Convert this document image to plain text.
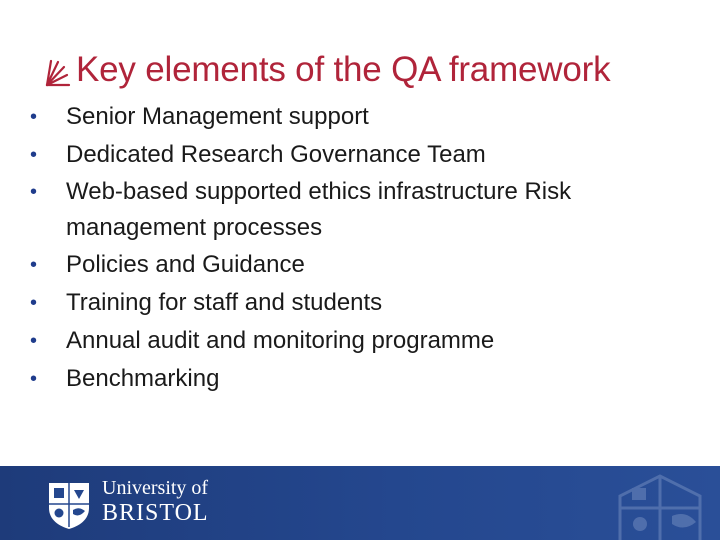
Key elements of the QA framework
• Senior Management support
• Dedicated Research Governance Team
• Web-based supported ethics infrastructure Risk management processes
• Policies and Guidance
• Training for staff and students
• Annual audit and monitoring programme
• Benchmarking
University of
BRISTOL
